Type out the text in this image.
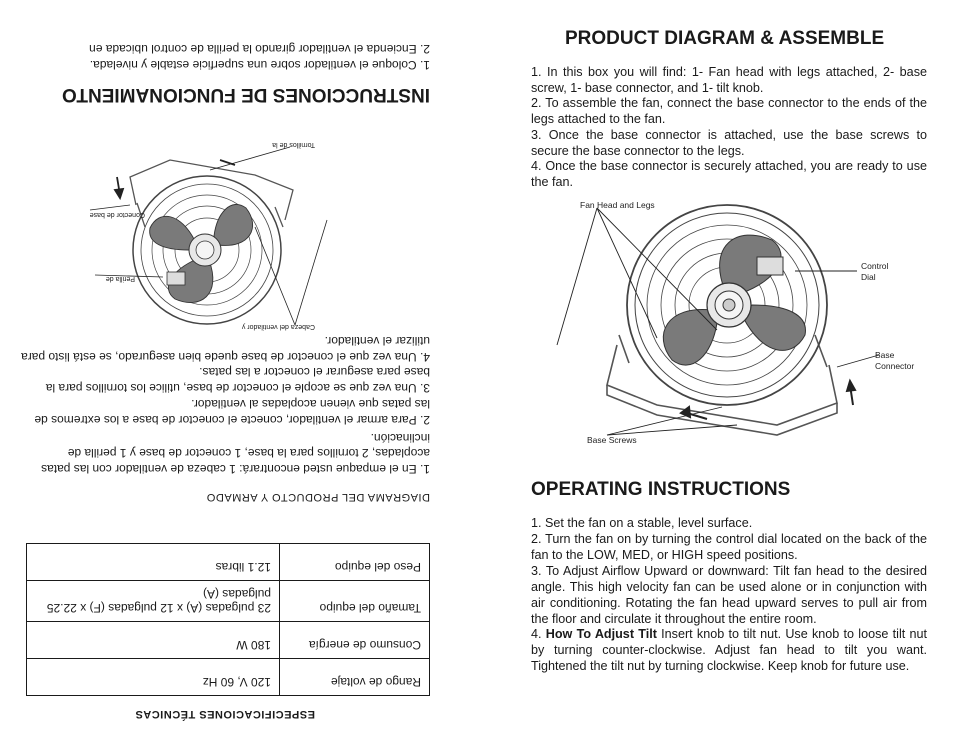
PRODUCT DIAGRAM & ASSEMBLE
1. In this box you will find: 1- Fan head with legs attached, 2- base screw, 1- base connector, and 1- tilt knob.
2. To assemble the fan, connect the base connector to the ends of the legs attached to the fan.
3. Once the base connector is attached, use the base screws to secure the base connector to the legs.
4. Once the base connector is securely attached, you are ready to use the fan.
Fan Head and Legs
Control
Dial
Base
Connector
Base Screws
OPERATING INSTRUCTIONS
1. Set the fan on a stable, level surface.
2. Turn the fan on by turning the control dial located on the back of the fan to the LOW, MED, or HIGH speed positions.
3. To Adjust Airflow Upward or downward: Tilt fan head to the desired angle. This high velocity fan can be used alone or in conjunction with air conditioning. Rotating the fan head upward serves to pull air from the floor and circulate it throughout the entire room.
4. How To Adjust Tilt Insert knob to tilt nut. Use knob to loose tilt nut by turning counter-clockwise. Adjust fan head to tilt you want. Tightened the tilt nut by turning clockwise. Keep knob for future use.
ESPECIFICACIONES TÉCNICAS
Rango de voltaje	120 V, 60 Hz
Consumo de energía	180 W
Tamaño del equipo	23 pulgadas (A) x 12 pulgadas (F) x 22.25 pulgadas (A)
Peso del equipo	12.1 libras
DIAGRAMA DEL PRODUCTO Y ARMADO
1. En el empaque usted encontrará: 1 cabeza de ventilador con las patas acopladas, 2 tornillos para la base, 1 conector de base y 1 perilla de inclinación.
2. Para armar el ventilador, conecte el conector de base a los extremos de las patas que vienen acopladas al ventilador.
3. Una vez que se acople el conector de base, utilice los tornillos para la base para asegurar el conector a las patas.
4. Una vez que el conector de base quede bien asegurado, se está listo para utilizar el ventilador.
Cabeza del ventilador y
Perilla de
Conector de base
Tornillos de la
INSTRUCCIONES DE FUNCIONAMIENTO
1. Coloque el ventilador sobre una superficie estable y nivelada.
2. Encienda el ventilador girando la perilla de control ubicada en
